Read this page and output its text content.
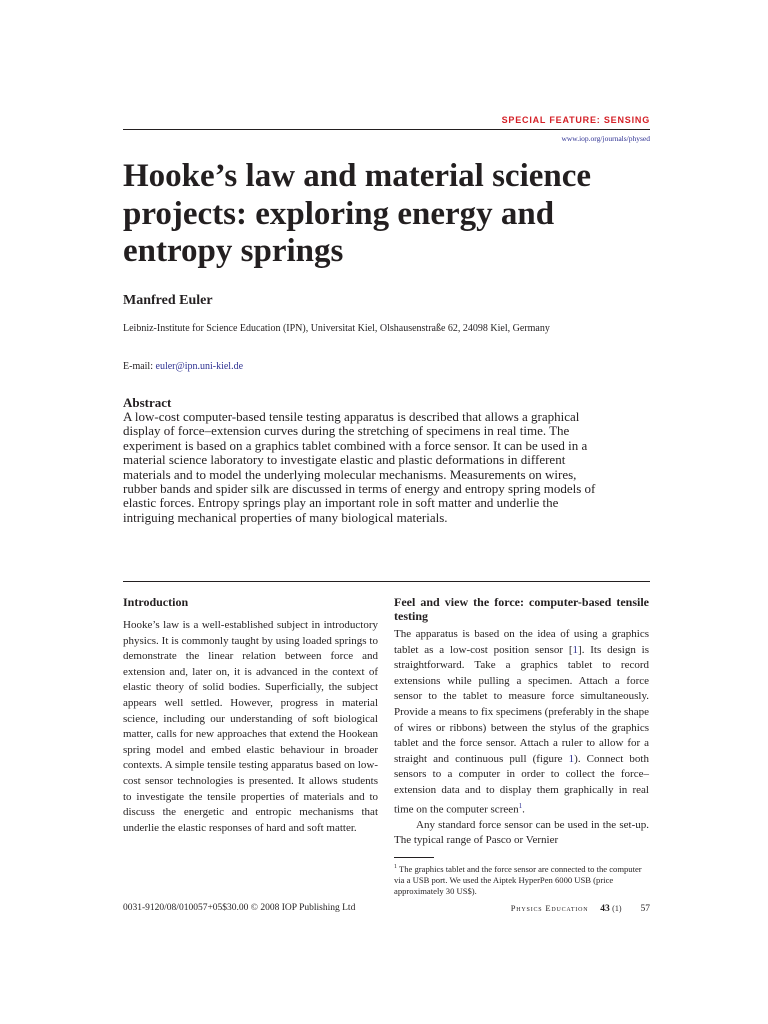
SPECIAL FEATURE: SENSING
www.iop.org/journals/physed
Hooke’s law and material science projects: exploring energy and entropy springs
Manfred Euler
Leibniz-Institute for Science Education (IPN), Universitat Kiel, Olshausenstraße 62, 24098 Kiel, Germany
E-mail: euler@ipn.uni-kiel.de
Abstract
A low-cost computer-based tensile testing apparatus is described that allows a graphical display of force–extension curves during the stretching of specimens in real time. The experiment is based on a graphics tablet combined with a force sensor. It can be used in a material science laboratory to investigate elastic and plastic deformations in different materials and to model the underlying molecular mechanisms. Measurements on wires, rubber bands and spider silk are discussed in terms of energy and entropy spring models of elastic forces. Entropy springs play an important role in soft matter and underlie the intriguing mechanical properties of many biological materials.
Introduction

Hooke’s law is a well-established subject in introductory physics. It is commonly taught by using loaded springs to demonstrate the linear relation between force and extension and, later on, it is advanced in the context of elastic theory of solid bodies. Superficially, the subject appears well settled. However, progress in material science, including our understanding of soft biological matter, calls for new approaches that extend the Hookean spring model and embed elastic behaviour in broader contexts. A simple tensile testing apparatus based on low-cost sensor technologies is presented. It allows students to investigate the tensile properties of materials and to discuss the energetic and entropic mechanisms that underlie the elastic responses of hard and soft matter.

Feel and view the force: computer-based tensile testing

The apparatus is based on the idea of using a graphics tablet as a low-cost position sensor [1]. Its design is straightforward. Take a graphics tablet to record extensions while pulling a specimen. Attach a force sensor to the tablet to measure force simultaneously. Provide a means to fix specimens (preferably in the shape of wires or ribbons) between the stylus of the graphics tablet and the force sensor. Attach a ruler to allow for a straight and continuous pull (figure 1). Connect both sensors to a computer in order to collect the force–extension data and to display them graphically in real time on the computer screen$^1$.

Any standard force sensor can be used in the set-up. The typical range of Pasco or Vernier

$^1$ The graphics tablet and the force sensor are connected to the computer via a USB port. We used the Aiptek HyperPen 6000 USB (price approximately 30 US$).
0031-9120/08/010057+05$30.00 © 2008 IOP Publishing Ltd	Physics Education 43 (1) 57
